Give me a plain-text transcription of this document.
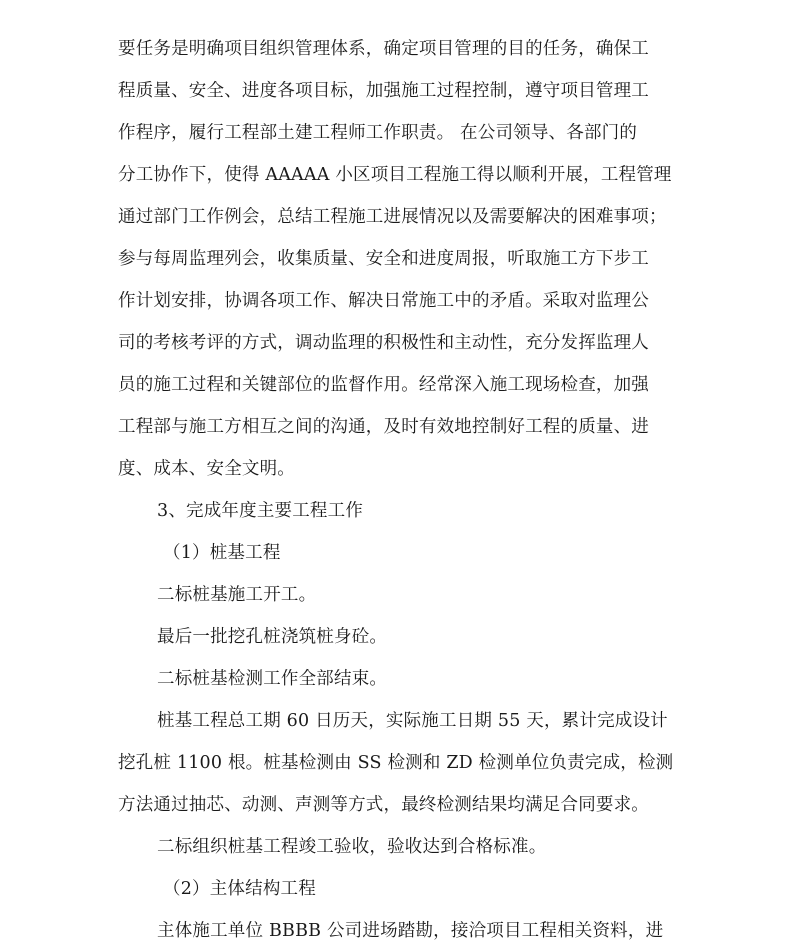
要任务是明确项目组织管理体系，确定项目管理的目的任务，确保工
程质量、安全、进度各项目标，加强施工过程控制，遵守项目管理工
作程序，履行工程部土建工程师工作职责。 在公司领导、各部门的
分工协作下，使得 AAAAA 小区项目工程施工得以顺利开展，工程管理
通过部门工作例会，总结工程施工进展情况以及需要解决的困难事项；
参与每周监理列会，收集质量、安全和进度周报，听取施工方下步工
作计划安排，协调各项工作、解决日常施工中的矛盾。采取对监理公
司的考核考评的方式，调动监理的积极性和主动性，充分发挥监理人
员的施工过程和关键部位的监督作用。经常深入施工现场检查，加强
工程部与施工方相互之间的沟通，及时有效地控制好工程的质量、进
度、成本、安全文明。
3、完成年度主要工程工作
（1）桩基工程
二标桩基施工开工。
最后一批挖孔桩浇筑桩身砼。
二标桩基检测工作全部结束。
桩基工程总工期 60 日历天，实际施工日期 55 天，累计完成设计
挖孔桩 1100 根。桩基检测由 SS 检测和 ZD 检测单位负责完成，检测
方法通过抽芯、动测、声测等方式，最终检测结果均满足合同要求。
二标组织桩基工程竣工验收，验收达到合格标准。
（2）主体结构工程
主体施工单位 BBBB 公司进场踏勘，接洽项目工程相关资料，进
